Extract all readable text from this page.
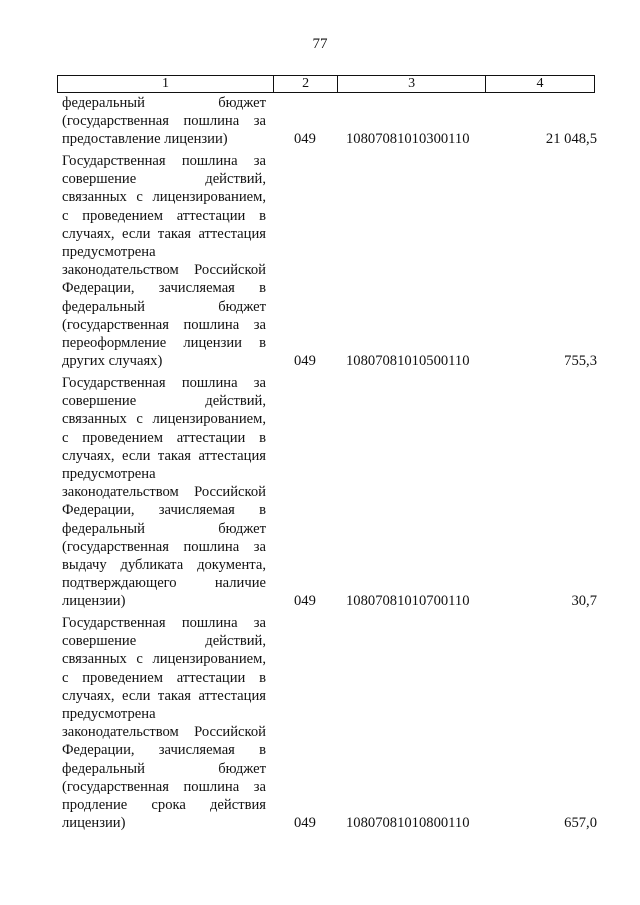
77
1	2	3	4
федеральный бюджет
(государственная пошлина за
предоставление лицензии)	049 10807081010300110	21 048,5
Государственная пошлина за
совершение действий,
связанных с лицензированием,
с проведением аттестации в
случаях, если такая аттестация
предусмотрена
законодательством Российской
Федерации, зачисляемая в
федеральный бюджет
(государственная пошлина за
переоформление лицензии в
других случаях)	049 10807081010500110	755,3
Государственная пошлина за
совершение действий,
связанных с лицензированием,
с проведением аттестации в
случаях, если такая аттестация
предусмотрена
законодательством Российской
Федерации, зачисляемая в
федеральный бюджет
(государственная пошлина за
выдачу дубликата документа,
подтверждающего наличие
лицензии)	049 10807081010700110	30,7
Государственная пошлина за
совершение действий,
связанных с лицензированием,
с проведением аттестации в
случаях, если такая аттестация
предусмотрена
законодательством Российской
Федерации, зачисляемая в
федеральный бюджет
(государственная пошлина за
продление срока действия
лицензии)	049 10807081010800110	657,0
